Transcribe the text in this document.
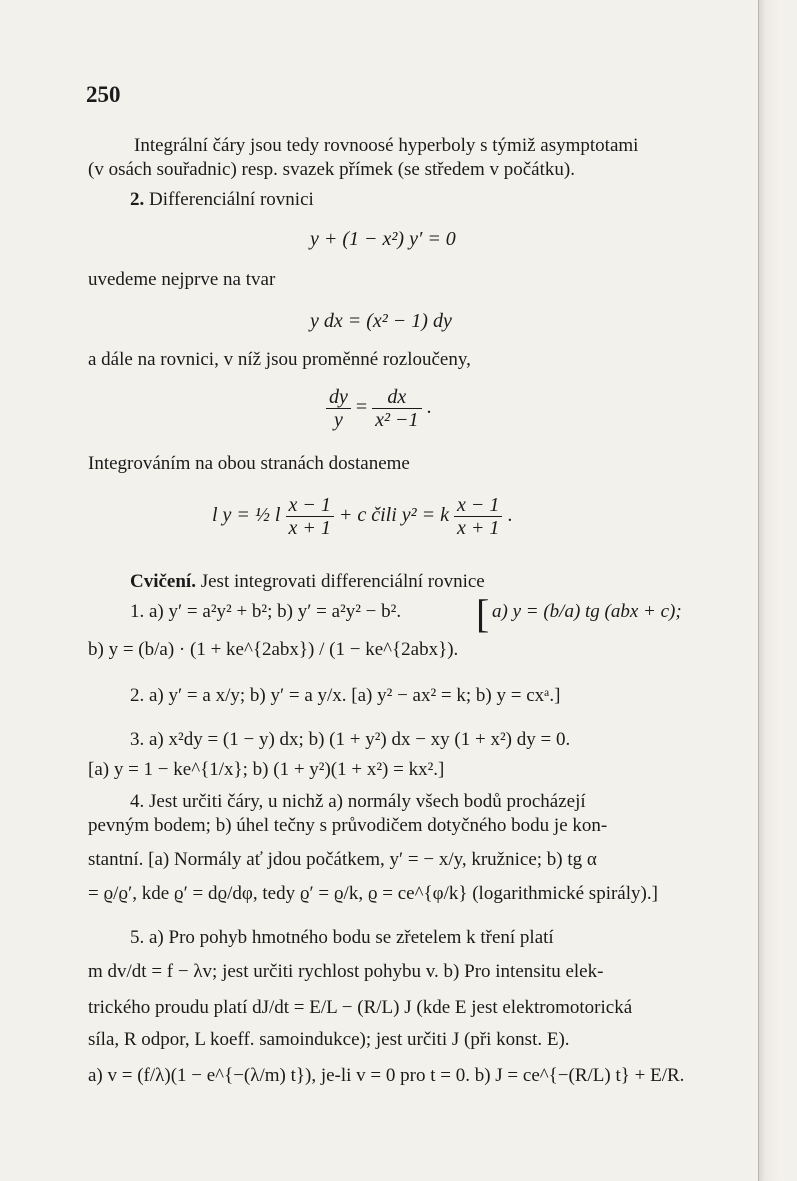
250
Integrální čáry jsou tedy rovnoosé hyperboly s týmiž asymptotami
(v osách souřadnic) resp. svazek přímek (se středem v počátku).
2. Differenciální rovnici
y + (1 − x²) y′ = 0
uvedeme nejprve na tvar
y dx = (x² − 1) dy
a dále na rovnici, v níž jsou proměnné rozloučeny,
$\frac{dy}{y} = \frac{dx}{\text{x² −1}}$ .
Integrováním na obou stranách dostaneme
l y = ½ l $\frac{x - 1}{x + 1} + c$ čili y² = k $\frac{x - 1}{x + 1}$ .
Cvičení. Jest integrovati differenciální rovnice
1. a) y′ = a²y² + b²; b) y′ = a²y² − b². [ a) y = (b/a) tg (abx + c);
b) y = (b/a) · (1 + ke^{2abx}) / (1 − ke^{2abx}).
2. a) y′ = a x/y; b) y′ = a y/x. [a) y² − ax² = k; b) y = cxᵃ.]
3. a) x²dy = (1 − y) dx; b) (1 + y²) dx − xy (1 + x²) dy = 0.
[a) y = 1 − ke^{1/x}; b) (1 + y²)(1 + x²) = kx².]
4. Jest určiti čáry, u nichž a) normály všech bodů procházejí
pevným bodem; b) úhel tečny s průvodičem dotyčného bodu je kon-
stantní. [a) Normály ať jdou počátkem, y′ = − x/y, kružnice; b) tg α
= ϱ/ϱ′, kde ϱ′ = dϱ/dφ, tedy ϱ′ = ϱ/k, ϱ = ce^{φ/k} (logarithmické spirály).]
5. a) Pro pohyb hmotného bodu se zřetelem k tření platí
m dv/dt = f − λv; jest určiti rychlost pohybu v. b) Pro intensitu elek-
trického proudu platí dJ/dt = E/L − (R/L) J (kde E jest elektromotorická
síla, R odpor, L koeff. samoindukce); jest určiti J (při konst. E).
a) v = (f/λ)(1 − e^{−(λ/m) t}), je-li v = 0 pro t = 0. b) J = ce^{−(R/L) t} + E/R.
